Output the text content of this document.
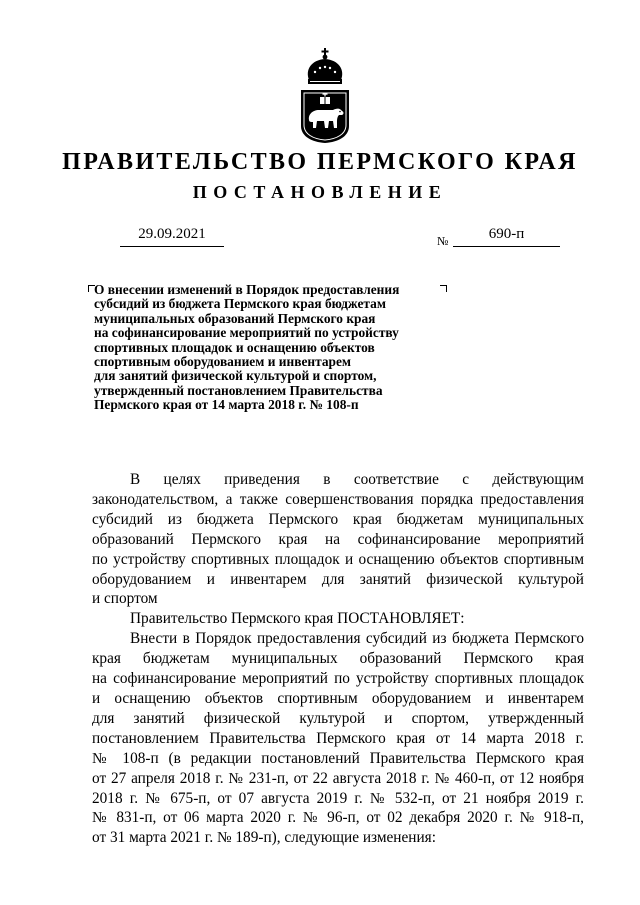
ПРАВИТЕЛЬСТВО ПЕРМСКОГО КРАЯ
ПОСТАНОВЛЕНИЕ
29.09.2021	№	690-п
О внесении изменений в Порядок предоставления
субсидий из бюджета Пермского края бюджетам
муниципальных образований Пермского края
на софинансирование мероприятий по устройству
спортивных площадок и оснащению объектов
спортивным оборудованием и инвентарем
для занятий физической культурой и спортом,
утвержденный постановлением Правительства
Пермского края от 14 марта 2018 г. № 108-п

В целях приведения в соответствие с действующим

законодательством, а также совершенствования порядка предоставления

субсидий из бюджета Пермского края бюджетам муниципальных

образований Пермского края на софинансирование мероприятий

по устройству спортивных площадок и оснащению объектов спортивным

оборудованием и инвентарем для занятий физической культурой

и спортом

Правительство Пермского края ПОСТАНОВЛЯЕТ:

Внести в Порядок предоставления субсидий из бюджета Пермского

края бюджетам муниципальных образований Пермского края

на софинансирование мероприятий по устройству спортивных площадок

и оснащению объектов спортивным оборудованием и инвентарем

для занятий физической культурой и спортом, утвержденный

постановлением Правительства Пермского края от 14 марта 2018 г.

№ 108-п (в редакции постановлений Правительства Пермского края

от 27 апреля 2018 г. № 231-п, от 22 августа 2018 г. № 460-п, от 12 ноября

2018 г. № 675-п, от 07 августа 2019 г. № 532-п, от 21 ноября 2019 г.

№ 831-п, от 06 марта 2020 г. № 96-п, от 02 декабря 2020 г. № 918-п,

от 31 марта 2021 г. № 189-п), следующие изменения:
